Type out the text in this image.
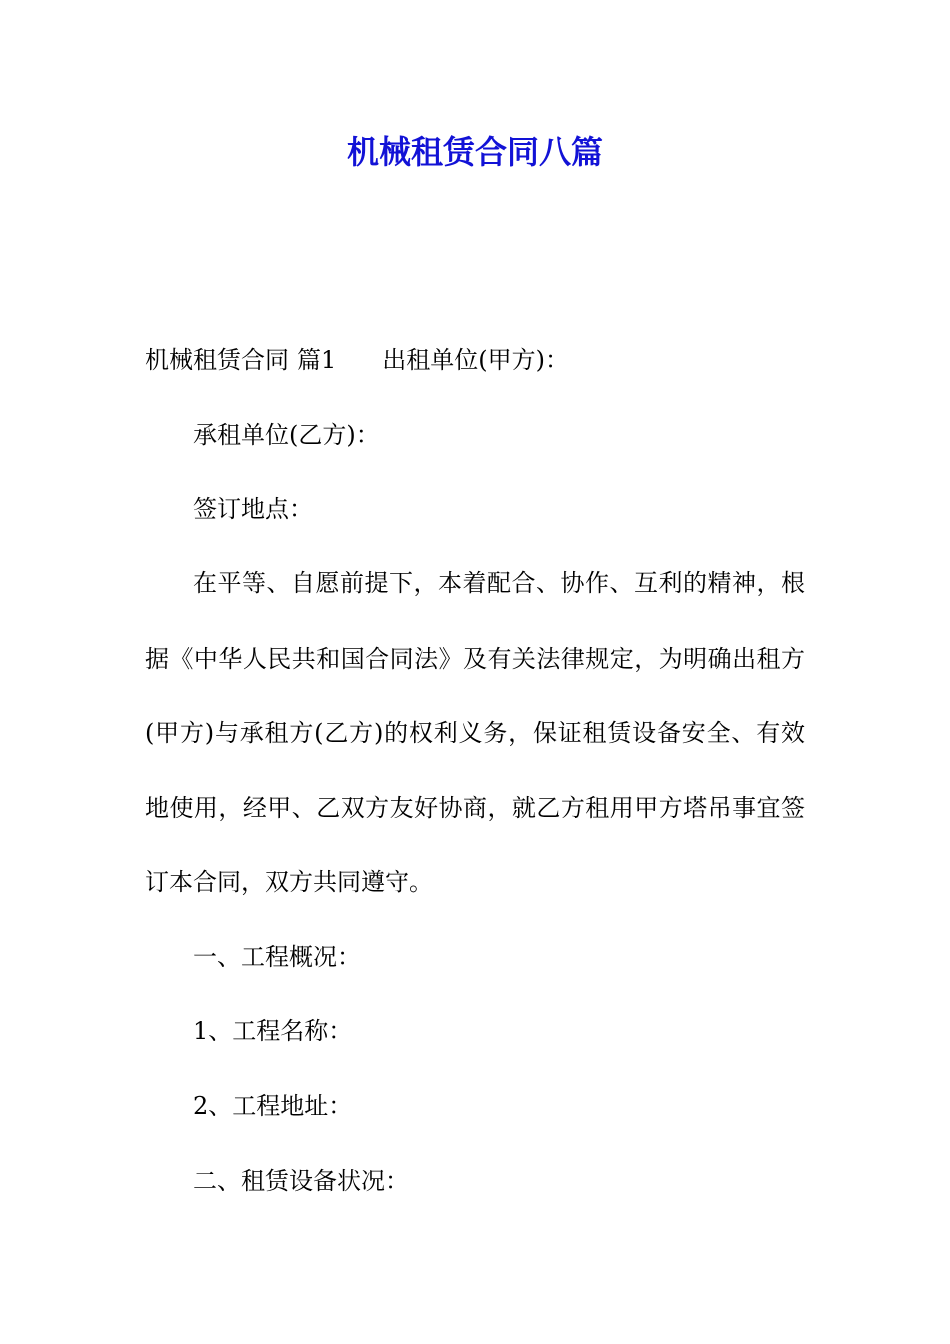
机械租赁合同八篇

机械租赁合同 篇1 出租单位(甲方)：

承租单位(乙方)：

签订地点：

在平等、自愿前提下，本着配合、协作、互利的精神，根

据《中华人民共和国合同法》及有关法律规定，为明确出租方

(甲方)与承租方(乙方)的权利义务，保证租赁设备安全、有效

地使用，经甲、乙双方友好协商，就乙方租用甲方塔吊事宜签

订本合同，双方共同遵守。

一、工程概况：

1、工程名称：

2、工程地址：

二、租赁设备状况：
